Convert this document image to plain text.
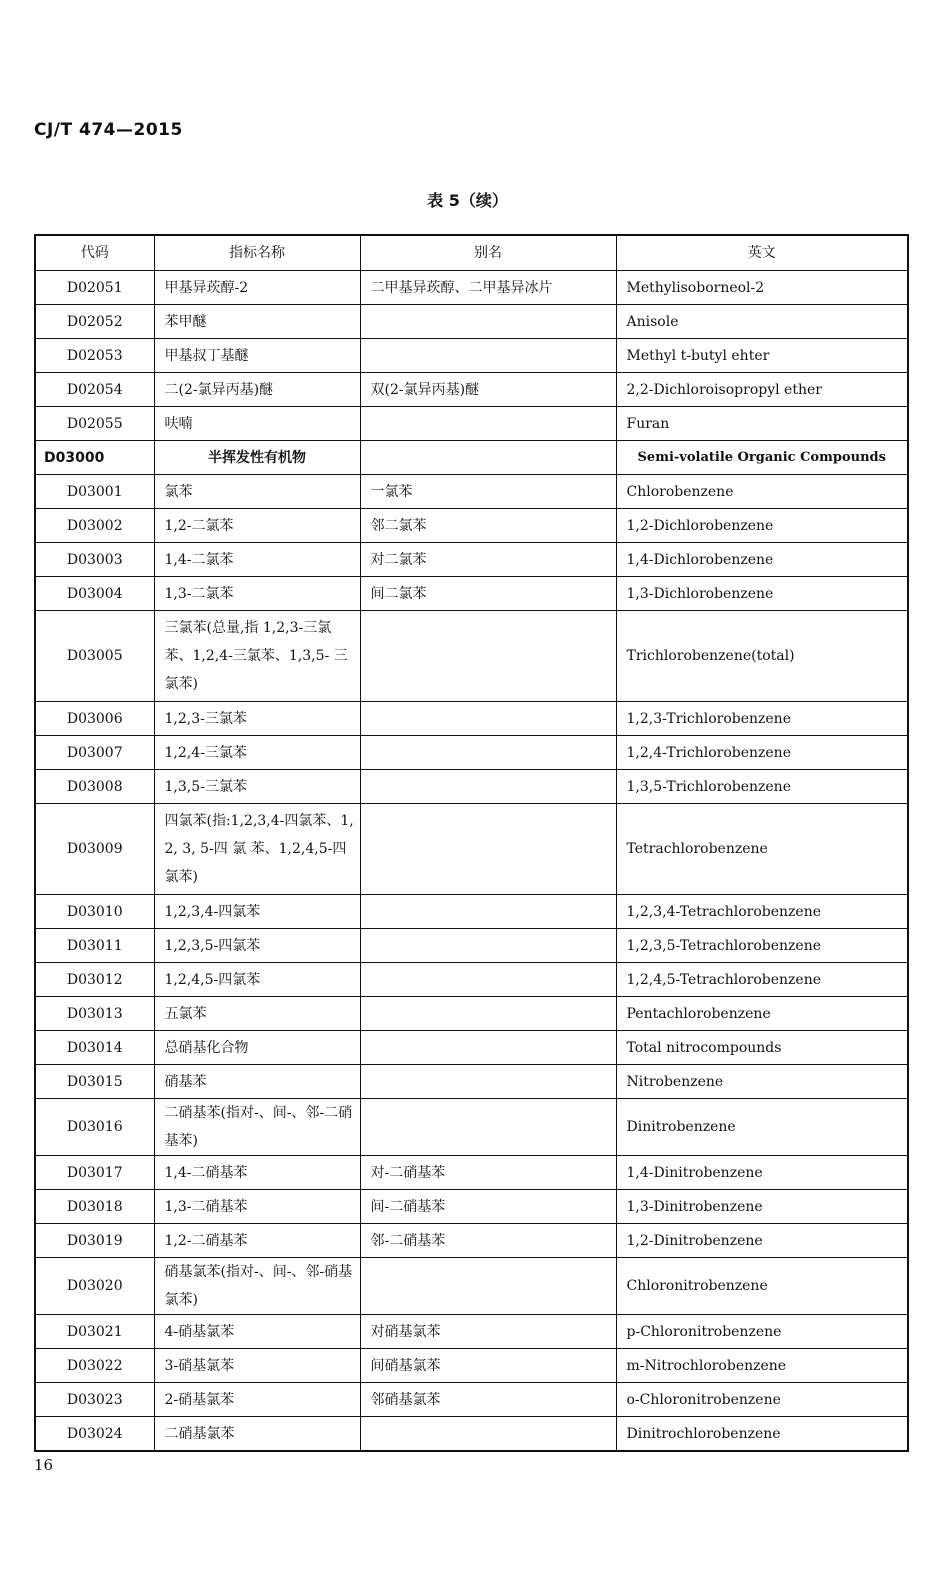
CJ/T 474—2015
表 5（续）
代码	指标名称	别名	英文
D02051	甲基异莰醇-2	二甲基异莰醇、二甲基异冰片	Methylisoborneol-2
D02052	苯甲醚		Anisole
D02053	甲基叔丁基醚		Methyl t-butyl ehter
D02054	二(2-氯异丙基)醚	双(2-氯异丙基)醚	2,2-Dichloroisopropyl ether
D02055	呋喃		Furan
D03000	半挥发性有机物		Semi-volatile Organic Compounds
D03001	氯苯	一氯苯	Chlorobenzene
D03002	1,2-二氯苯	邻二氯苯	1,2-Dichlorobenzene
D03003	1,4-二氯苯	对二氯苯	1,4-Dichlorobenzene
D03004	1,3-二氯苯	间二氯苯	1,3-Dichlorobenzene
D03005	三氯苯(总量,指 1,2,3-三氯苯、1,2,4-三氯苯、1,3,5- 三氯苯)		Trichlorobenzene(total)
D03006	1,2,3-三氯苯		1,2,3-Trichlorobenzene
D03007	1,2,4-三氯苯		1,2,4-Trichlorobenzene
D03008	1,3,5-三氯苯		1,3,5-Trichlorobenzene
D03009	四氯苯(指:1,2,3,4-四氯苯、1, 2, 3, 5-四 氯 苯、1,2,4,5-四氯苯)		Tetrachlorobenzene
D03010	1,2,3,4-四氯苯		1,2,3,4-Tetrachlorobenzene
D03011	1,2,3,5-四氯苯		1,2,3,5-Tetrachlorobenzene
D03012	1,2,4,5-四氯苯		1,2,4,5-Tetrachlorobenzene
D03013	五氯苯		Pentachlorobenzene
D03014	总硝基化合物		Total nitrocompounds
D03015	硝基苯		Nitrobenzene
D03016	二硝基苯(指对-、间-、邻-二硝基苯)		Dinitrobenzene
D03017	1,4-二硝基苯	对-二硝基苯	1,4-Dinitrobenzene
D03018	1,3-二硝基苯	间-二硝基苯	1,3-Dinitrobenzene
D03019	1,2-二硝基苯	邻-二硝基苯	1,2-Dinitrobenzene
D03020	硝基氯苯(指对-、间-、邻-硝基氯苯)		Chloronitrobenzene
D03021	4-硝基氯苯	对硝基氯苯	p-Chloronitrobenzene
D03022	3-硝基氯苯	间硝基氯苯	m-Nitrochlorobenzene
D03023	2-硝基氯苯	邻硝基氯苯	o-Chloronitrobenzene
D03024	二硝基氯苯		Dinitrochlorobenzene
16
